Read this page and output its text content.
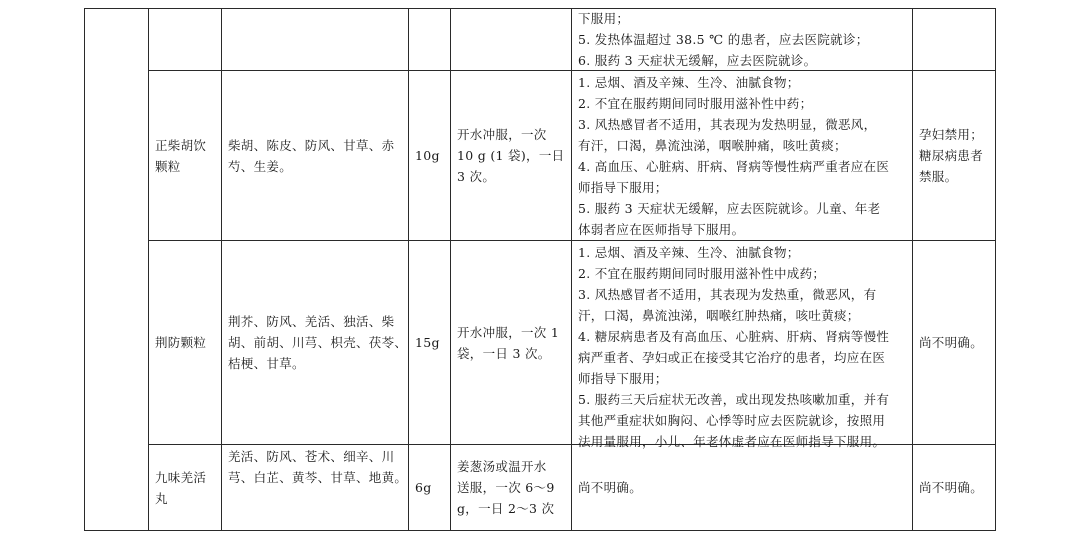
下服用；
5. 发热体温超过 38.5 ℃ 的患者，应去医院就诊；
6. 服药 3 天症状无缓解，应去医院就诊。
正柴胡饮
颗粒
柴胡、陈皮、防风、甘草、赤
芍、生姜。
10g
开水冲服，一次
10 g (1 袋)，一日
3 次。
1. 忌烟、酒及辛辣、生冷、油腻食物；
2. 不宜在服药期间同时服用滋补性中药；
3. 风热感冒者不适用，其表现为发热明显，微恶风，
有汗，口渴，鼻流浊涕，咽喉肿痛，咳吐黄痰；
4. 高血压、心脏病、肝病、肾病等慢性病严重者应在医
师指导下服用；
5. 服药 3 天症状无缓解，应去医院就诊。儿童、年老
体弱者应在医师指导下服用。
孕妇禁用；
糖尿病患者
禁服。
荆防颗粒
荆芥、防风、羌活、独活、柴
胡、前胡、川芎、枳壳、茯苓、
桔梗、甘草。
15g
开水冲服，一次 1
袋，一日 3 次。
1. 忌烟、酒及辛辣、生冷、油腻食物；
2. 不宜在服药期间同时服用滋补性中成药；
3. 风热感冒者不适用，其表现为发热重，微恶风，有
汗，口渴，鼻流浊涕，咽喉红肿热痛，咳吐黄痰；
4. 糖尿病患者及有高血压、心脏病、肝病、肾病等慢性
病严重者、孕妇或正在接受其它治疗的患者，均应在医
师指导下服用；
5. 服药三天后症状无改善，或出现发热咳嗽加重，并有
其他严重症状如胸闷、心悸等时应去医院就诊，按照用
法用量服用，小儿、年老体虚者应在医师指导下服用。
尚不明确。
九味羌活
丸
羌活、防风、苍术、细辛、川
芎、白芷、黄芩、甘草、地黄。
6g
姜葱汤或温开水
送服，一次 6～9
g，一日 2～3 次
尚不明确。	尚不明确。
